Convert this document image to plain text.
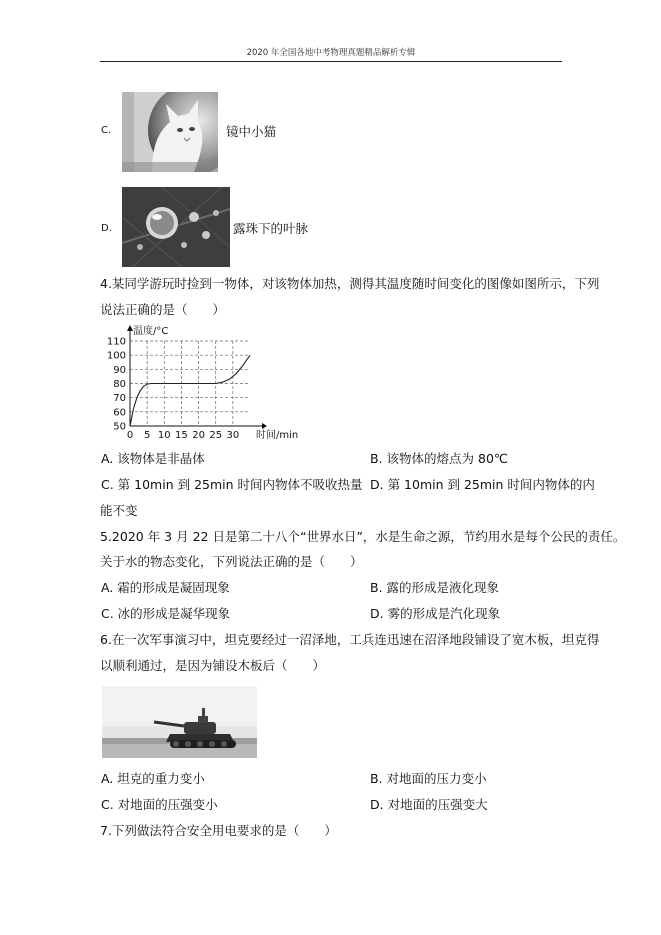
2020 年全国各地中考物理真题精品解析专辑
C.	镜中小猫
D.	露珠下的叶脉
4.某同学游玩时捡到一物体，对该物体加热，测得其温度随时间变化的图像如图所示，下列
说法正确的是（　　）
50
60
70
80
90
100
110
0 5 10 15 20 25 30
温度/°C
时间/min
A. 该物体是非晶体	B. 该物体的熔点为 80℃
C. 第 10min 到 25min 时间内物体不吸收热量 D. 第 10min 到 25min 时间内物体的内
能不变
5.2020 年 3 月 22 日是第二十八个“世界水日”，水是生命之源，节约用水是每个公民的责任。
关于水的物态变化，下列说法正确的是（　　）
A. 霜的形成是凝固现象	B. 露的形成是液化现象
C. 冰的形成是凝华现象	D. 雾的形成是汽化现象
6.在一次军事演习中，坦克要经过一沼泽地，工兵连迅速在沼泽地段铺设了宽木板，坦克得
以顺利通过，是因为铺设木板后（　　）
A. 坦克的重力变小	B. 对地面的压力变小
C. 对地面的压强变小	D. 对地面的压强变大
7.下列做法符合安全用电要求的是（　　）
